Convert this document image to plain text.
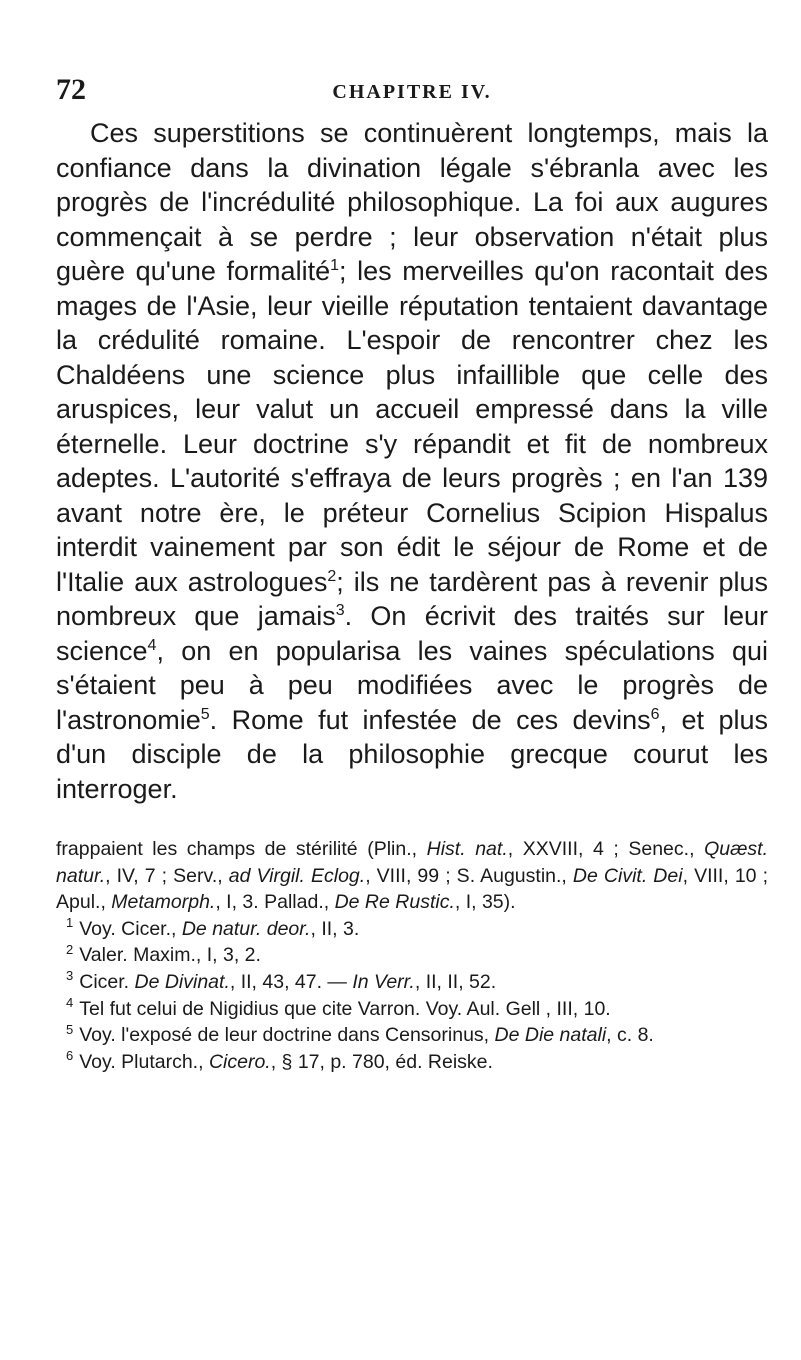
72	CHAPITRE IV.

Ces superstitions se continuèrent longtemps, mais la confiance dans la divination légale s'ébranla avec les progrès de l'incrédulité philosophique. La foi aux augures commençait à se perdre ; leur observation n'était plus guère qu'une formalité$^1$; les merveilles qu'on racontait des mages de l'Asie, leur vieille réputation tentaient davantage la crédulité romaine. L'espoir de rencontrer chez les Chaldéens une science plus infaillible que celle des aruspices, leur valut un accueil empressé dans la ville éternelle. Leur doctrine s'y répandit et fit de nombreux adeptes. L'autorité s'effraya de leurs progrès ; en l'an 139 avant notre ère, le préteur Cornelius Scipion Hispalus interdit vainement par son édit le séjour de Rome et de l'Italie aux astrologues$^2$; ils ne tardèrent pas à revenir plus nombreux que jamais$^3$. On écrivit des traités sur leur science$^4$, on en popularisa les vaines spéculations qui s'étaient peu à peu modifiées avec le progrès de l'astronomie$^5$. Rome fut infestée de ces devins$^6$, et plus d'un disciple de la philosophie grecque courut les interroger.

frappaient les champs de stérilité (Plin., Hist. nat., XXVIII, 4 ; Senec., Quæst. natur., IV, 7 ; Serv., ad Virgil. Eclog., VIII, 99 ; S. Augustin., De Civit. Dei, VIII, 10 ; Apul., Metamorph., I, 3. Pallad., De Re Rustic., I, 35).

$^1$ Voy. Cicer., De natur. deor., II, 3.

$^2$ Valer. Maxim., I, 3, 2.

$^3$ Cicer. De Divinat., II, 43, 47. — In Verr., II, II, 52.

$^4$ Tel fut celui de Nigidius que cite Varron. Voy. Aul. Gell , III, 10.

$^5$ Voy. l'exposé de leur doctrine dans Censorinus, De Die natali, c. 8.

$^6$ Voy. Plutarch., Cicero., § 17, p. 780, éd. Reiske.
